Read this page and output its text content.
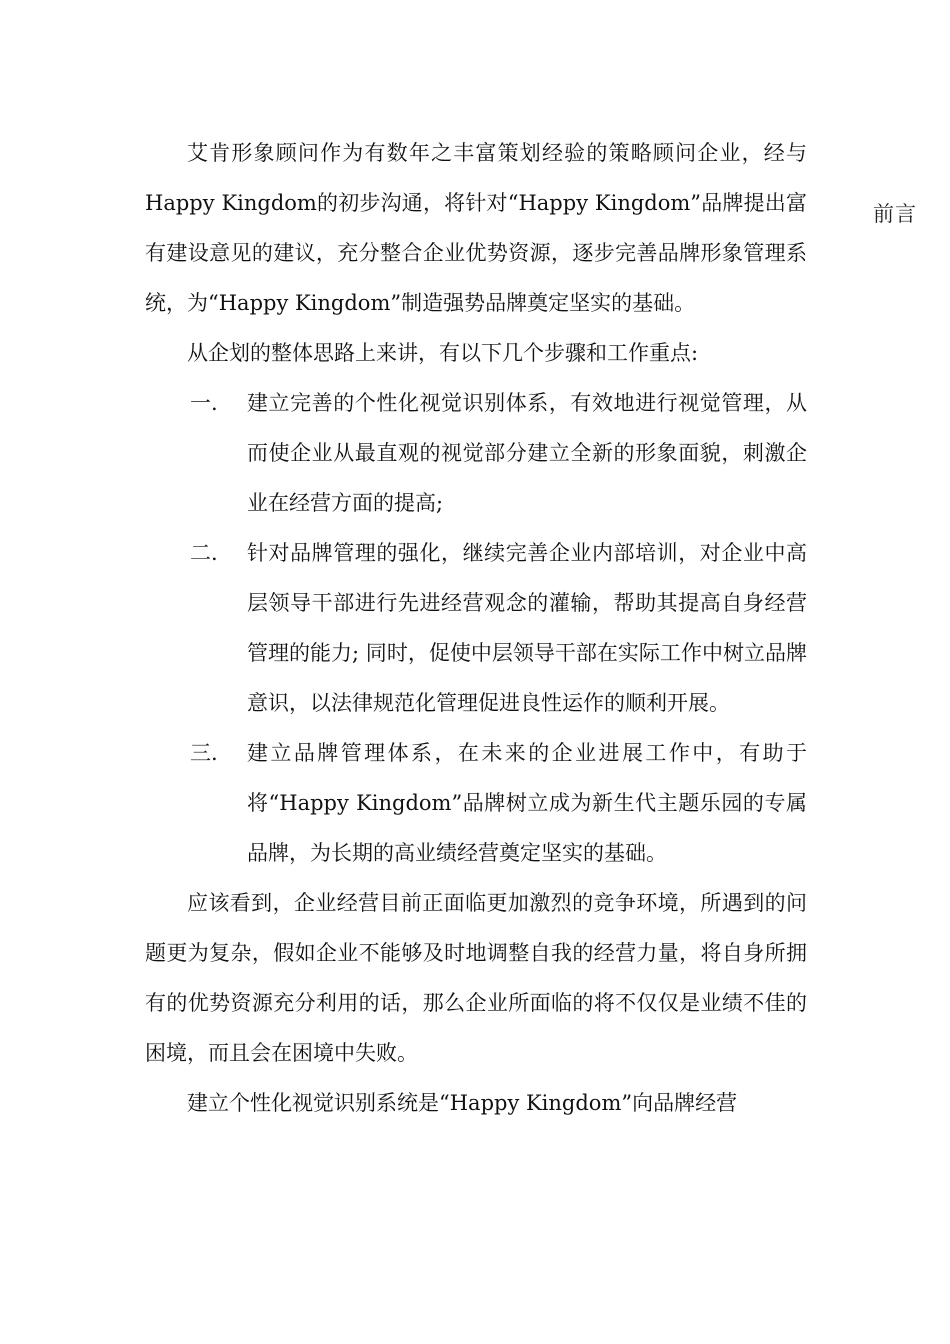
前言

艾肯形象顾问作为有数年之丰富策划经验的策略顾问企业，经与Happy Kingdom的初步沟通，将针对“Happy Kingdom”品牌提出富有建设意见的建议，充分整合企业优势资源，逐步完善品牌形象管理系统，为“Happy Kingdom”制造强势品牌奠定坚实的基础。

从企划的整体思路上来讲，有以下几个步骤和工作重点:

一.	建立完善的个性化视觉识别体系，有效地进行视觉管理，从而使企业从最直观的视觉部分建立全新的形象面貌，刺激企业在经营方面的提高;
二.	针对品牌管理的强化，继续完善企业内部培训，对企业中高层领导干部进行先进经营观念的灌输，帮助其提高自身经营管理的能力; 同时，促使中层领导干部在实际工作中树立品牌意识，以法律规范化管理促进良性运作的顺利开展。
三.	建立品牌管理体系，在未来的企业进展工作中，有助于将“Happy Kingdom”品牌树立成为新生代主题乐园的专属品牌，为长期的高业绩经营奠定坚实的基础。

应该看到，企业经营目前正面临更加激烈的竞争环境，所遇到的问题更为复杂，假如企业不能够及时地调整自我的经营力量，将自身所拥有的优势资源充分利用的话，那么企业所面临的将不仅仅是业绩不佳的困境，而且会在困境中失败。

建立个性化视觉识别系统是“Happy Kingdom”向品牌经营
